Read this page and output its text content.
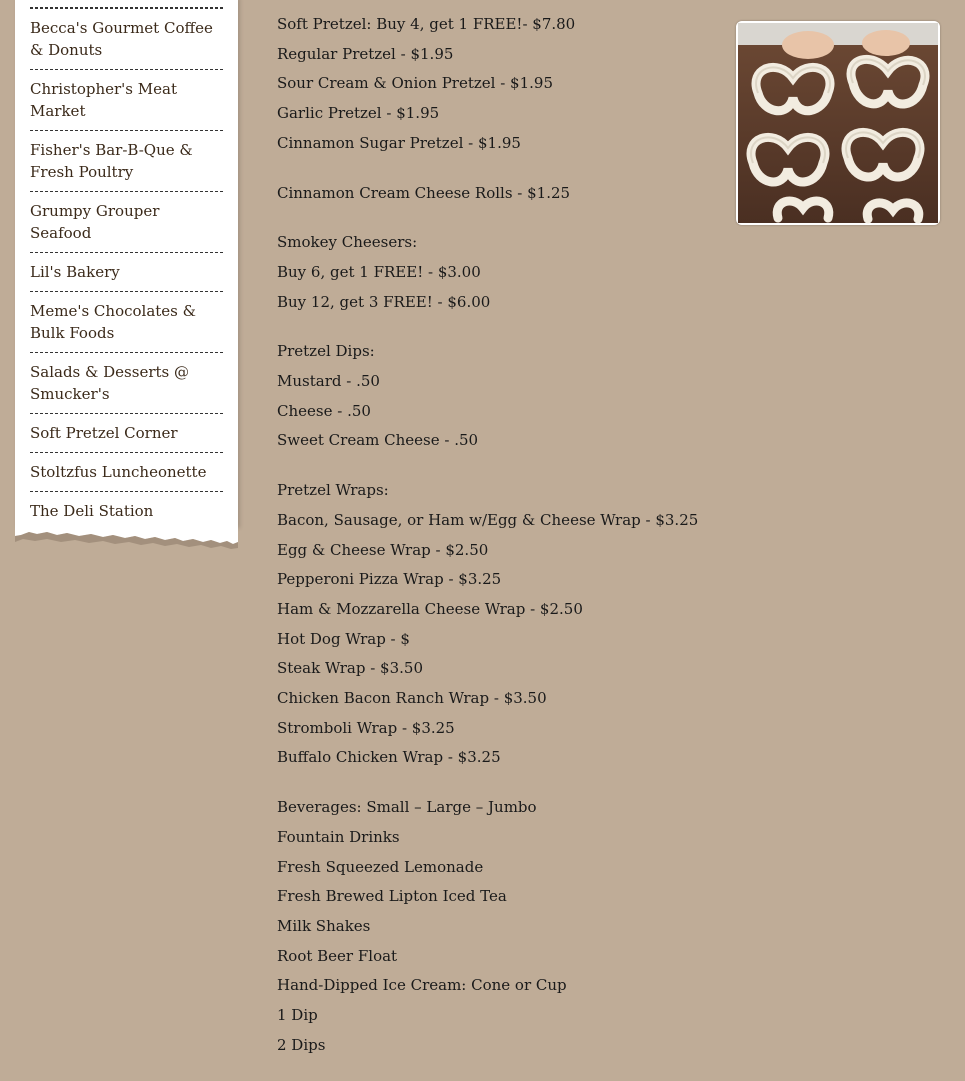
Becca's Gourmet Coffee & Donuts
Christopher's Meat Market
Fisher's Bar-B-Que & Fresh Poultry
Grumpy Grouper Seafood
Lil's Bakery
Meme's Chocolates & Bulk Foods
Salads & Desserts @ Smucker's
Soft Pretzel Corner
Stoltzfus Luncheonette
The Deli Station

Soft Pretzel: Buy 4, get 1 FREE!- $7.80

Regular Pretzel - $1.95

Sour Cream & Onion Pretzel - $1.95

Garlic Pretzel - $1.95

Cinnamon Sugar Pretzel - $1.95

Cinnamon Cream Cheese Rolls - $1.25

Smokey Cheesers:

Buy 6, get 1 FREE! - $3.00

Buy 12, get 3 FREE! - $6.00

Pretzel Dips:

Mustard - .50

Cheese - .50

Sweet Cream Cheese - .50

Pretzel Wraps:

Bacon, Sausage, or Ham w/Egg & Cheese Wrap - $3.25

Egg & Cheese Wrap - $2.50

Pepperoni Pizza Wrap - $3.25

Ham & Mozzarella Cheese Wrap - $2.50

Hot Dog Wrap - $

Steak Wrap - $3.50

Chicken Bacon Ranch Wrap - $3.50

Stromboli Wrap - $3.25

Buffalo Chicken Wrap - $3.25

Beverages: Small – Large – Jumbo

Fountain Drinks

Fresh Squeezed Lemonade

Fresh Brewed Lipton Iced Tea

Milk Shakes

Root Beer Float

Hand-Dipped Ice Cream: Cone or Cup

1 Dip

2 Dips
